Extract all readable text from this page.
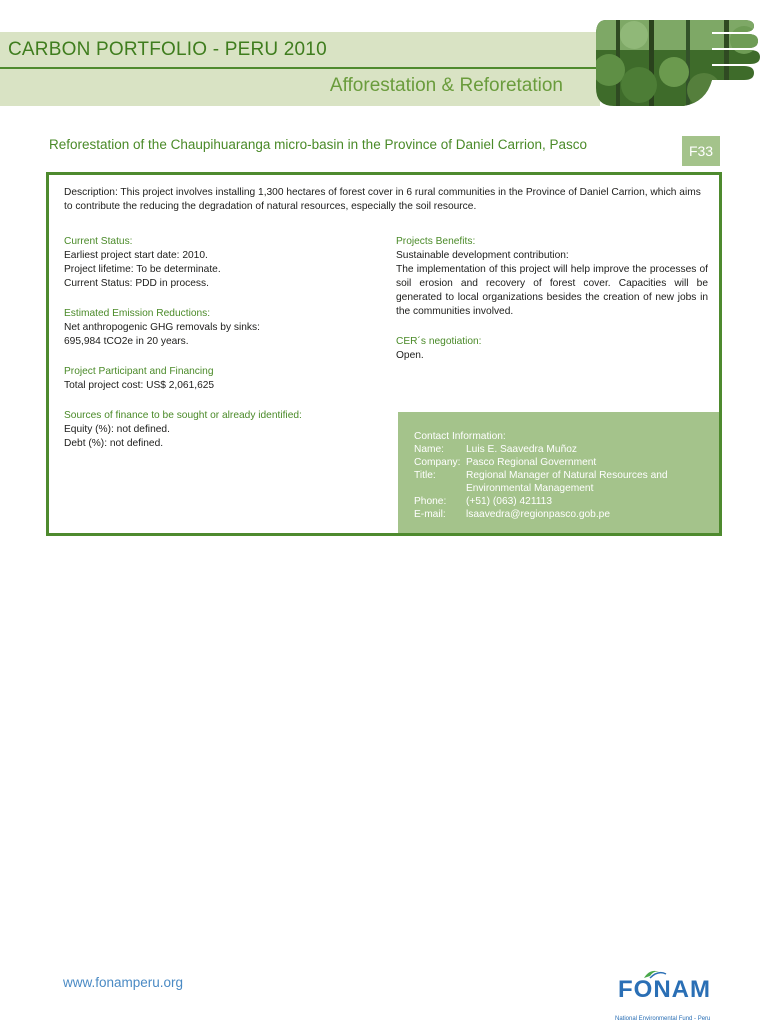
CARBON PORTFOLIO - PERU 2010
Afforestation & Reforetation
Reforestation of the Chaupihuaranga micro-basin in the Province of Daniel Carrion, Pasco	F33
Description: This project involves installing 1,300 hectares of forest cover in 6 rural communities in the Province of Daniel Carrion, which aims to contribute the reducing the degradation of natural resources, especially the soil resource.
Current Status:
Earliest project start date: 2010.
Project lifetime: To be determinate.
Current Status: PDD in process.
Estimated Emission Reductions:
Net anthropogenic GHG removals by sinks:
695,984 tCO2e in 20 years.
Project Participant and Financing
Total project cost: US$ 2,061,625
Sources of finance to be sought or already identified:
Equity (%): not defined.
Debt (%): not defined.
Projects Benefits:
Sustainable development contribution:
The implementation of this project will help improve the processes of soil erosion and recovery of forest cover. Capacities will be generated to local organizations besides the creation of new jobs in the communities involved.
CER´s negotiation:
Open.
Contact Information:
Name:	Luis E. Saavedra Muñoz
Company: Pasco Regional Government
Title:	Regional Manager of Natural Resources and Environmental Management
Phone:	(+51) (063) 421113
E-mail:	lsaavedra@regionpasco.gob.pe
www.fonamperu.org	FONAM
National Environmental Fund - Peru
